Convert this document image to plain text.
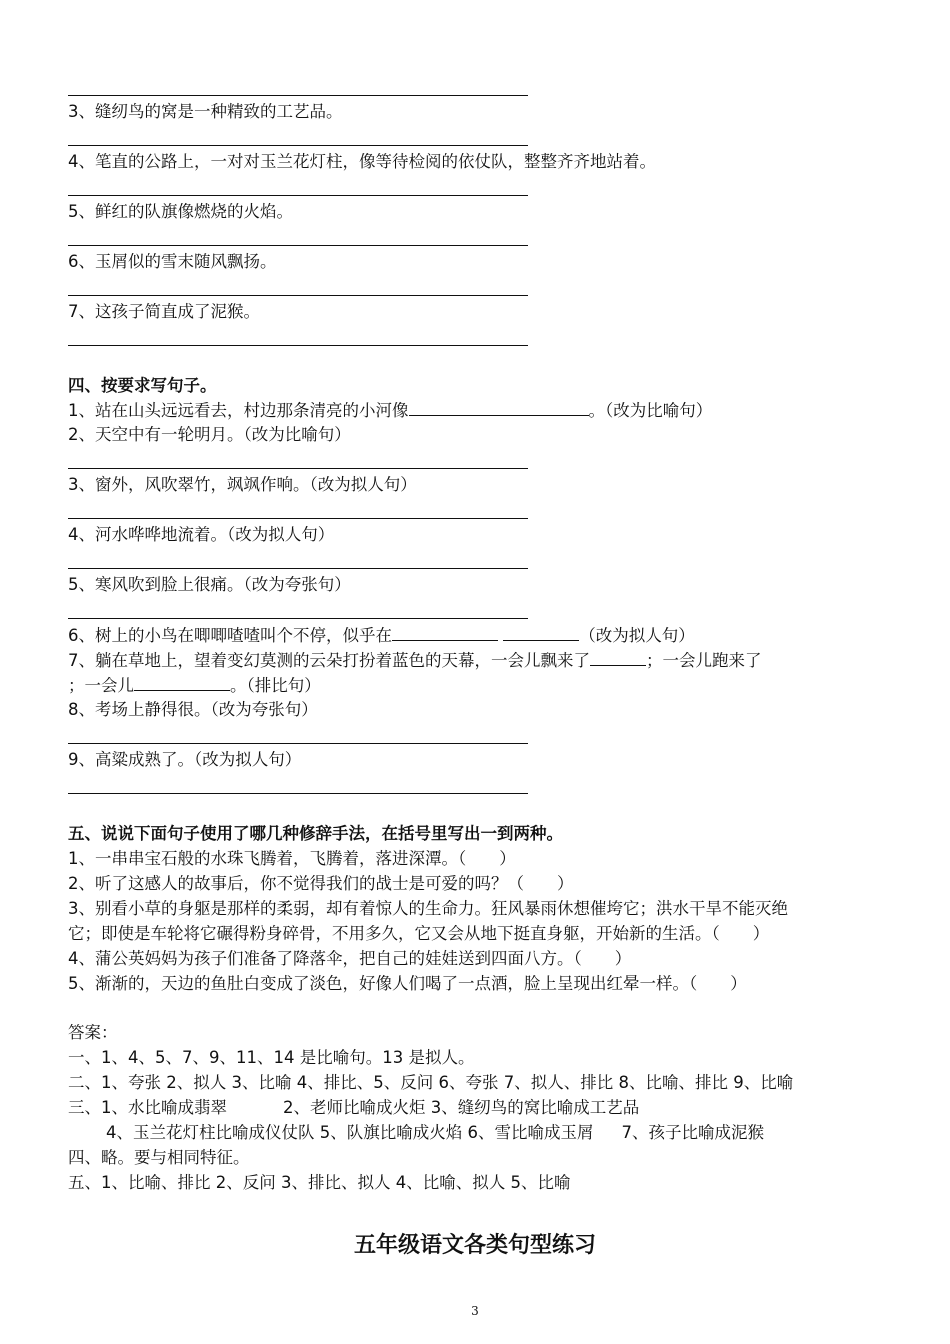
3、缝纫鸟的窝是一种精致的工艺品。
4、笔直的公路上，一对对玉兰花灯柱，像等待检阅的依仗队，整整齐齐地站着。
5、鲜红的队旗像燃烧的火焰。
6、玉屑似的雪末随风飘扬。
7、这孩子简直成了泥猴。
四、按要求写句子。
1、站在山头远远看去，村边那条清亮的小河像	。（改为比喻句）
2、天空中有一轮明月。（改为比喻句）
3、窗外，风吹翠竹，飒飒作响。（改为拟人句）
4、河水哗哗地流着。（改为拟人句）
5、寒风吹到脸上很痛。（改为夸张句）
6、树上的小鸟在唧唧喳喳叫个不停，似乎在	（改为拟人句）
7、躺在草地上，望着变幻莫测的云朵打扮着蓝色的天幕，一会儿飘来了	；一会儿跑来了
；一会儿	。（排比句）
8、考场上静得很。（改为夸张句）
9、高粱成熟了。（改为拟人句）
五、说说下面句子使用了哪几种修辞手法，在括号里写出一到两种。
1、一串串宝石般的水珠飞腾着，飞腾着，落进深潭。（　　）
2、听了这感人的故事后，你不觉得我们的战士是可爱的吗？（　　）
3、别看小草的身躯是那样的柔弱，却有着惊人的生命力。狂风暴雨休想催垮它；洪水干旱不能灭绝
它；即使是车轮将它碾得粉身碎骨，不用多久，它又会从地下挺直身躯，开始新的生活。（　　）
4、蒲公英妈妈为孩子们准备了降落伞，把自己的娃娃送到四面八方。（　　）
5、渐渐的，天边的鱼肚白变成了淡色，好像人们喝了一点酒，脸上呈现出红晕一样。（　　）
答案：
一、1、4、5、7、9、11、14 是比喻句。13 是拟人。
二、1、夸张 2、拟人 3、比喻 4、排比、5、反问 6、夸张 7、拟人、排比 8、比喻、排比 9、比喻
三、1、水比喻成翡翠	2、老师比喻成火炬 3、缝纫鸟的窝比喻成工艺品
4、玉兰花灯柱比喻成仪仗队 5、队旗比喻成火焰 6、雪比喻成玉屑 7、孩子比喻成泥猴
四、略。要与相同特征。
五、1、比喻、排比 2、反问 3、排比、拟人 4、比喻、拟人 5、比喻
五年级语文各类句型练习
3
